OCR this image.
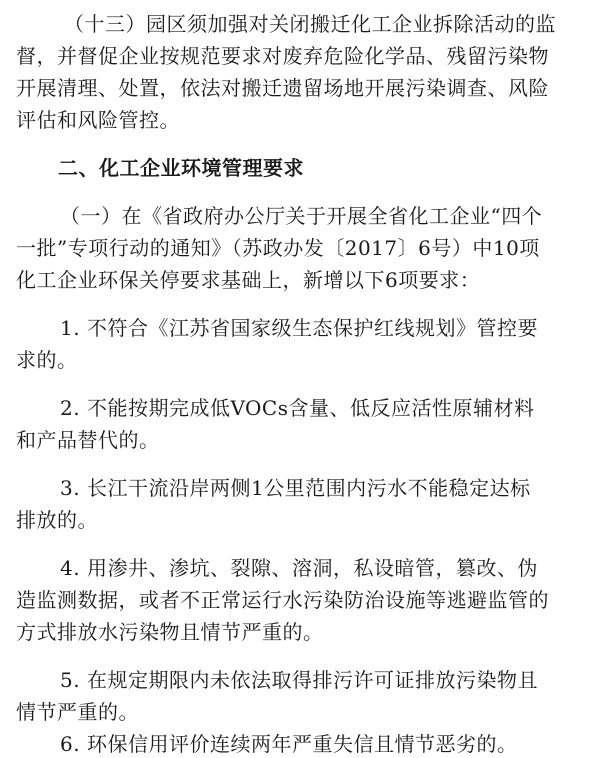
（十三）园区须加强对关闭搬迁化工企业拆除活动的监
督，并督促企业按规范要求对废弃危险化学品、残留污染物
开展清理、处置，依法对搬迁遗留场地开展污染调查、风险
评估和风险管控。
二、化工企业环境管理要求
（一）在《省政府办公厅关于开展全省化工企业“四个
一批”专项行动的通知》（苏政办发〔2017〕6号）中10项
化工企业环保关停要求基础上，新增以下6项要求：
1. 不符合《江苏省国家级生态保护红线规划》管控要
求的。
2. 不能按期完成低VOCs含量、低反应活性原辅材料
和产品替代的。
3. 长江干流沿岸两侧1公里范围内污水不能稳定达标
排放的。
4. 用渗井、渗坑、裂隙、溶洞，私设暗管，篡改、伪
造监测数据，或者不正常运行水污染防治设施等逃避监管的
方式排放水污染物且情节严重的。
5. 在规定期限内未依法取得排污许可证排放污染物且
情节严重的。
6. 环保信用评价连续两年严重失信且情节恶劣的。
